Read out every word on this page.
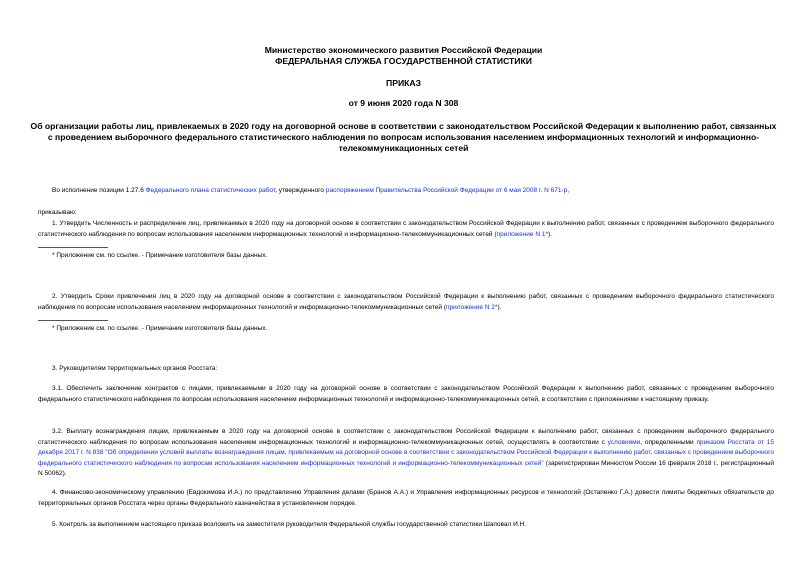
Министерство экономического развития Российской Федерации
ФЕДЕРАЛЬНАЯ СЛУЖБА ГОСУДАРСТВЕННОЙ СТАТИСТИКИ
ПРИКАЗ
от 9 июня 2020 года N 308
Об организации работы лиц, привлекаемых в 2020 году на договорной основе в соответствии с законодательством Российской Федерации к выполнению работ, связанных с проведением выборочного федерального статистического наблюдения по вопросам использования населением информационных технологий и информационно-телекоммуникационных сетей
Во исполнение позиции 1.27.6 Федерального плана статистических работ, утвержденного распоряжением Правительства Российской Федерации от 6 мая 2008 г. N 671-р,
приказываю:
1. Утвердить Численность и распределение лиц, привлекаемых в 2020 году на договорной основе в соответствии с законодательством Российской Федерации к выполнению работ, связанных с проведением выборочного федерального статистического наблюдения по вопросам использования населением информационных технологий и информационно-телекоммуникационных сетей (приложение N 1*).
* Приложение см. по ссылке. - Примечание изготовителя базы данных.
2. Утвердить Сроки привлечения лиц в 2020 году на договорной основе в соответствии с законодательством Российской Федерации к выполнению работ, связанных с проведением выборочного федерального статистического наблюдения по вопросам использования населением информационных технологий и информационно-телекоммуникационных сетей (приложение N 2*).
* Приложение см. по ссылке. - Примечание изготовителя базы данных.
3. Руководителям территориальных органов Росстата:
3.1. Обеспечить заключение контрактов с лицами, привлекаемыми в 2020 году на договорной основе в соответствии с законодательством Российской Федерации к выполнению работ, связанных с проведением выборочного федерального статистического наблюдения по вопросам использования населением информационных технологий и информационно-телекоммуникационных сетей, в соответствии с приложениями к настоящему приказу.
3.2. Выплату вознаграждения лицам, привлекаемым в 2020 году на договорной основе в соответствии с законодательством Российской Федерации к выполнению работ, связанных с проведением выборочного федерального статистического наблюдения по вопросам использования населением информационных технологий и информационно-телекоммуникационных сетей, осуществлять в соответствии с условиями, определенными приказом Росстата от 15 декабря 2017 г. N 838 "Об определении условий выплаты вознаграждения лицам, привлекаемым на договорной основе в соответствии с законодательством Российской Федерации к выполнению работ, связанных с проведением выборочного федерального статистического наблюдения по вопросам использования населением информационных технологий и информационно-телекоммуникационных сетей" (зарегистрирован Минюстом России 16 февраля 2018 г., регистрационный N 50062).
4. Финансово-экономическому управлению (Евдокимова И.А.) по представлению Управления делами (Бранов А.А.) и Управления информационных ресурсов и технологий (Остапенко Г.А.) довести лимиты бюджетных обязательств до территориальных органов Росстата через органы Федерального казначейства в установленном порядке.
5. Контроль за выполнением настоящего приказа возложить на заместителя руководителя Федеральной службы государственной статистики Шаповал И.Н.
